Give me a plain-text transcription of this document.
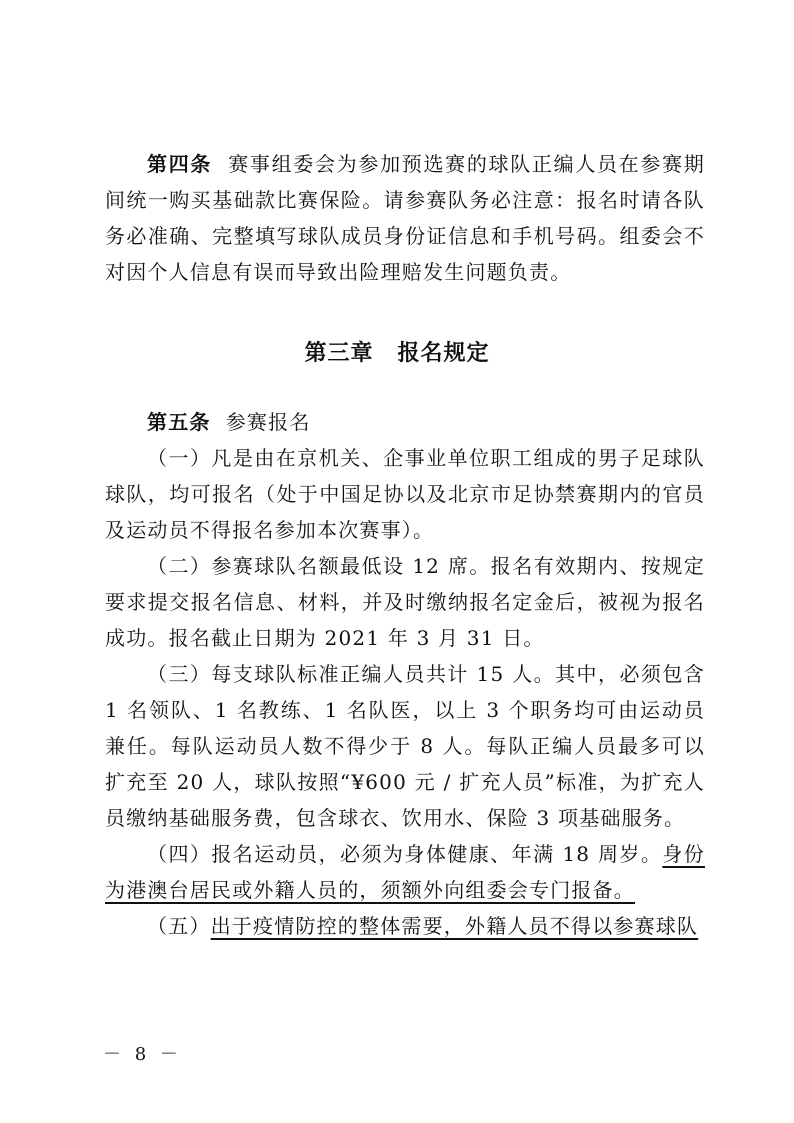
第四条 赛事组委会为参加预选赛的球队正编人员在参赛期间统一购买基础款比赛保险。请参赛队务必注意：报名时请各队务必准确、完整填写球队成员身份证信息和手机号码。组委会不对因个人信息有误而导致出险理赔发生问题负责。

第三章 报名规定

第五条 参赛报名

（一）凡是由在京机关、企事业单位职工组成的男子足球队球队，均可报名（处于中国足协以及北京市足协禁赛期内的官员及运动员不得报名参加本次赛事）。

（二）参赛球队名额最低设 12 席。报名有效期内、按规定要求提交报名信息、材料，并及时缴纳报名定金后，被视为报名成功。报名截止日期为 2021 年 3 月 31 日。

（三）每支球队标准正编人员共计 15 人。其中，必须包含 1 名领队、1 名教练、1 名队医，以上 3 个职务均可由运动员兼任。每队运动员人数不得少于 8 人。每队正编人员最多可以扩充至 20 人，球队按照“¥600 元 / 扩充人员”标准，为扩充人员缴纳基础服务费，包含球衣、饮用水、保险 3 项基础服务。

（四）报名运动员，必须为身体健康、年满 18 周岁。身份为港澳台居民或外籍人员的，须额外向组委会专门报备。

（五）出于疫情防控的整体需要，外籍人员不得以参赛球队

－ 8 －
